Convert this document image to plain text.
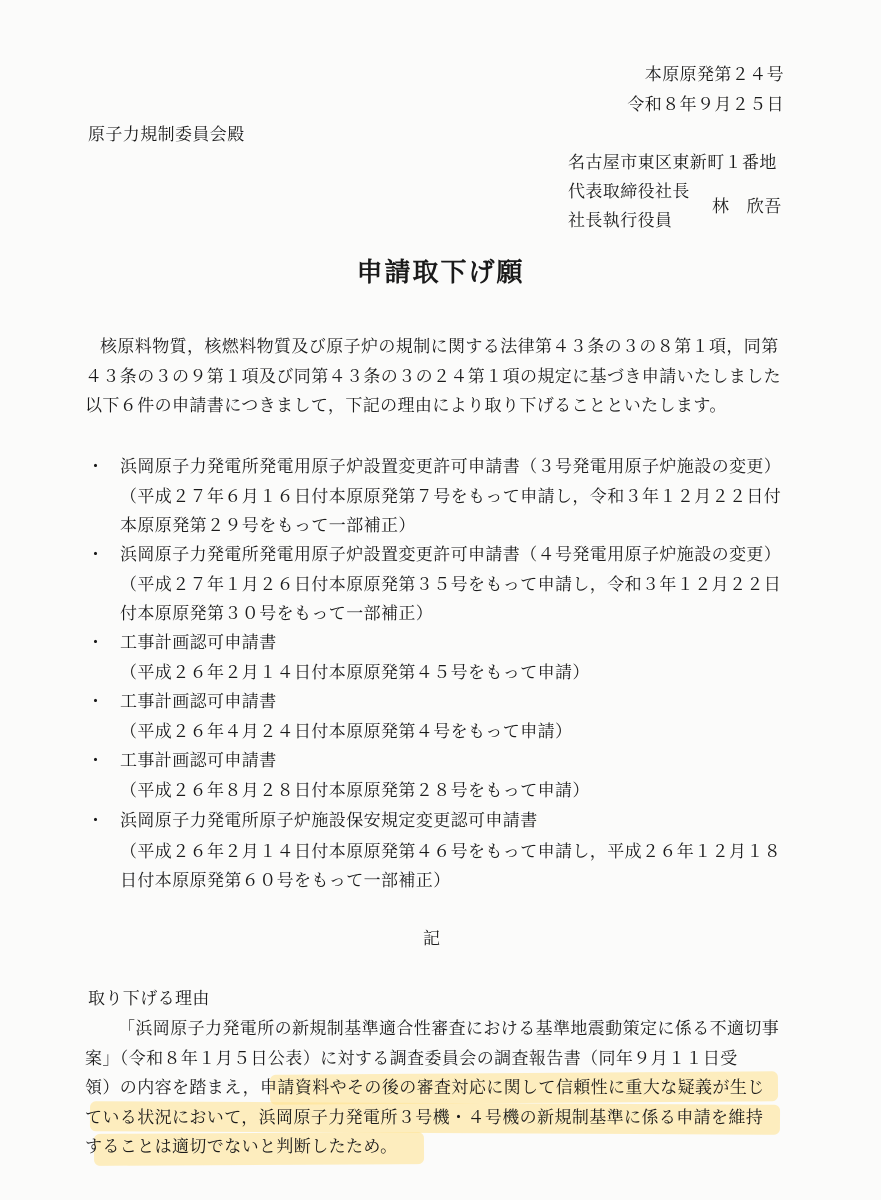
本原原発第２４号
令和８年９月２５日
原子力規制委員会殿
名古屋市東区東新町１番地
代表取締役社長
社長執行役員
林　欣吾
申請取下げ願
核原料物質，核燃料物質及び原子炉の規制に関する法律第４３条の３の８第１項，同第
４３条の３の９第１項及び同第４３条の３の２４第１項の規定に基づき申請いたしました
以下６件の申請書につきまして，下記の理由により取り下げることといたします。
・ 浜岡原子力発電所発電用原子炉設置変更許可申請書（３号発電用原子炉施設の変更）
（平成２７年６月１６日付本原原発第７号をもって申請し，令和３年１２月２２日付
本原原発第２９号をもって一部補正）
・ 浜岡原子力発電所発電用原子炉設置変更許可申請書（４号発電用原子炉施設の変更）
（平成２７年１月２６日付本原原発第３５号をもって申請し，令和３年１２月２２日
付本原原発第３０号をもって一部補正）
・ 工事計画認可申請書
（平成２６年２月１４日付本原原発第４５号をもって申請）
・ 工事計画認可申請書
（平成２６年４月２４日付本原原発第４号をもって申請）
・ 工事計画認可申請書
（平成２６年８月２８日付本原原発第２８号をもって申請）
・ 浜岡原子力発電所原子炉施設保安規定変更認可申請書
（平成２６年２月１４日付本原原発第４６号をもって申請し，平成２６年１２月１８
日付本原原発第６０号をもって一部補正）
記
取り下げる理由
「浜岡原子力発電所の新規制基準適合性審査における基準地震動策定に係る不適切事
案」（令和８年１月５日公表）に対する調査委員会の調査報告書（同年９月１１日受
領）の内容を踏まえ，申請資料やその後の審査対応に関して信頼性に重大な疑義が生じ
ている状況において，浜岡原子力発電所３号機・４号機の新規制基準に係る申請を維持
することは適切でないと判断したため。
